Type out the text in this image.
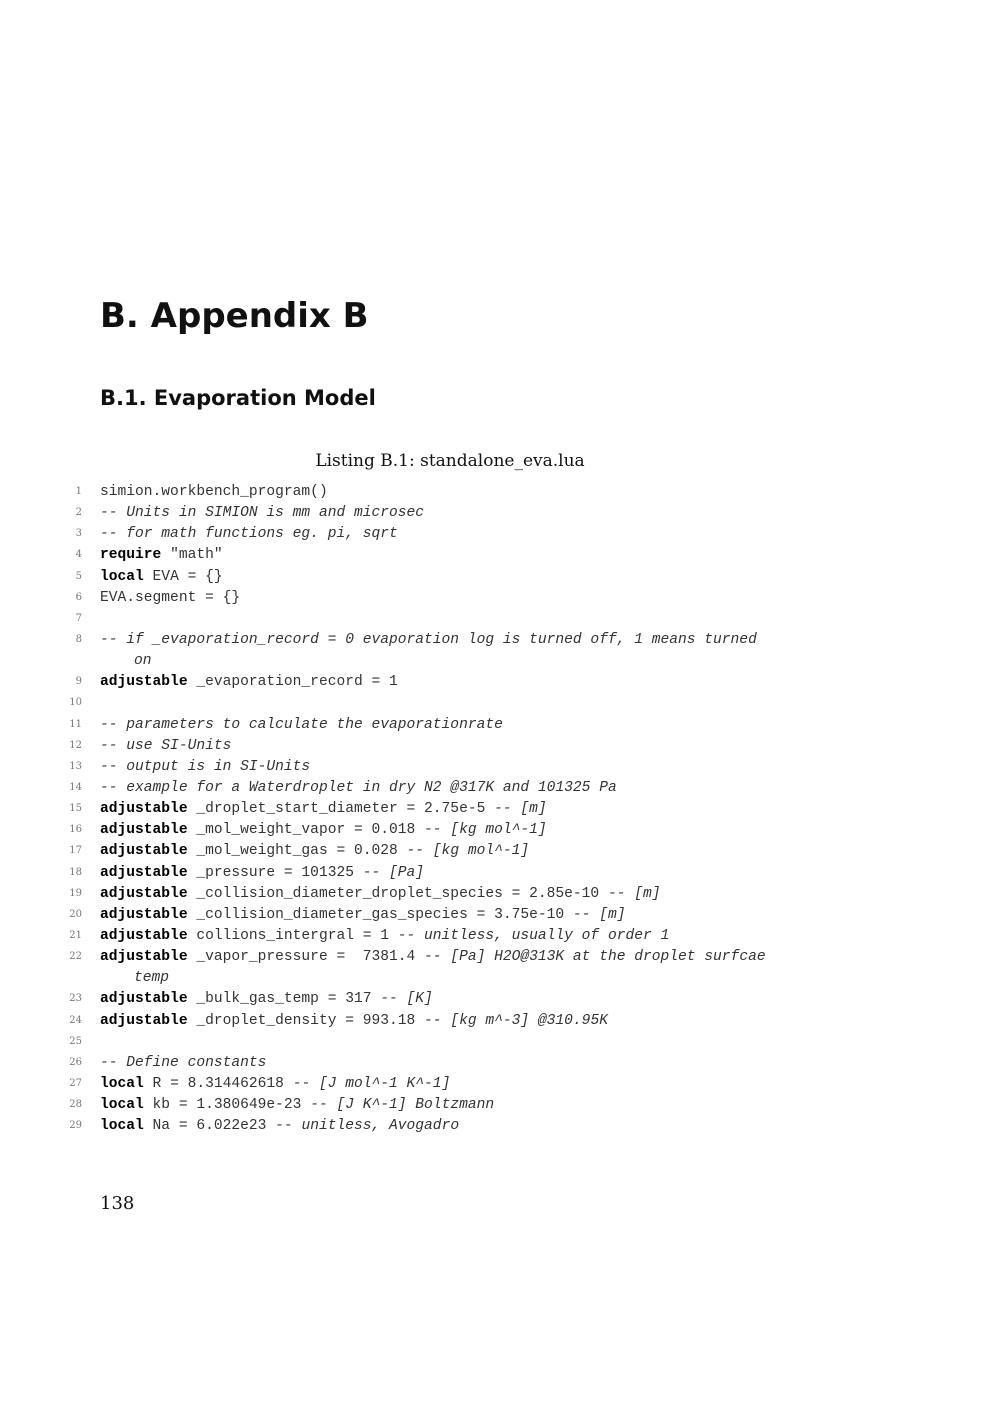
B. Appendix B
B.1. Evaporation Model
Listing B.1: standalone_eva.lua
1 simion.workbench_program()
2 -- Units in SIMION is mm and microsec
3 -- for math functions eg. pi, sqrt
4 require "math"
5 local EVA = {}
6 EVA.segment = {}
7
8 -- if _evaporation_record = 0 evaporation log is turned off, 1 means turned
on
9 adjustable _evaporation_record = 1
10
11 -- parameters to calculate the evaporationrate
12 -- use SI-Units
13 -- output is in SI-Units
14 -- example for a Waterdroplet in dry N2 @317K and 101325 Pa
15 adjustable _droplet_start_diameter = 2.75e-5 -- [m]
16 adjustable _mol_weight_vapor = 0.018 -- [kg mol^-1]
17 adjustable _mol_weight_gas = 0.028 -- [kg mol^-1]
18 adjustable _pressure = 101325 -- [Pa]
19 adjustable _collision_diameter_droplet_species = 2.85e-10 -- [m]
20 adjustable _collision_diameter_gas_species = 3.75e-10 -- [m]
21 adjustable collions_intergral = 1 -- unitless, usually of order 1
22 adjustable _vapor_pressure =  7381.4 -- [Pa] H2O@313K at the droplet surfcae
temp
23 adjustable _bulk_gas_temp = 317 -- [K]
24 adjustable _droplet_density = 993.18 -- [kg m^-3] @310.95K
25
26 -- Define constants
27 local R = 8.314462618 -- [J mol^-1 K^-1]
28 local kb = 1.380649e-23 -- [J K^-1] Boltzmann
29 local Na = 6.022e23 -- unitless, Avogadro
138
